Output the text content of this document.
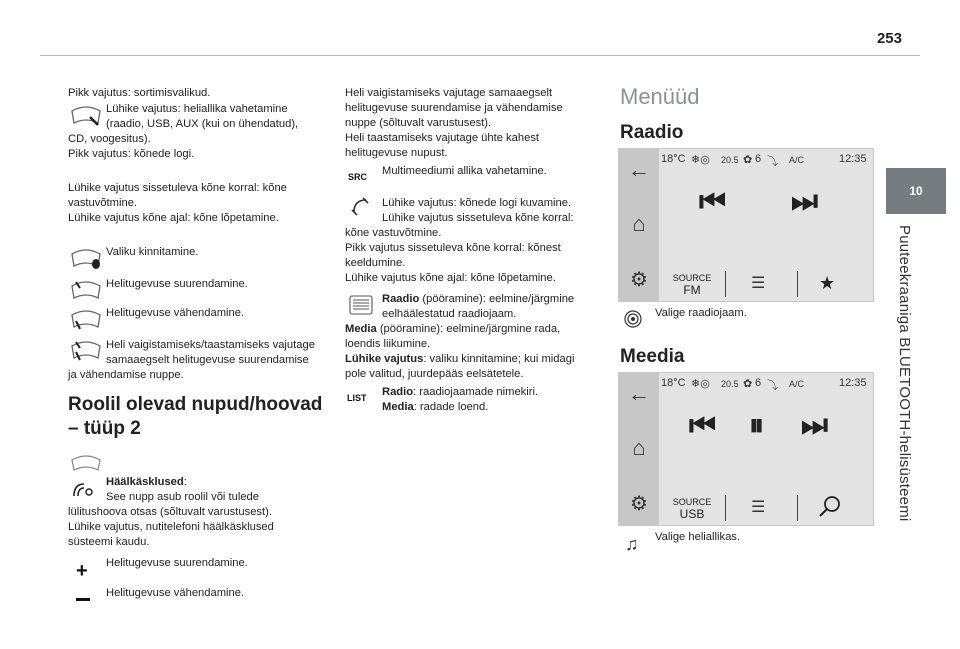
253
10
Puuteekraaniga BLUETOOTH-helisüsteemi
Pikk vajutus: sortimisvalikud.
Lühike vajutus: heliallika vahetamine
(raadio, USB, AUX (kui on ühendatud),
CD, voogesitus).
Pikk vajutus: kõnede logi.
Lühike vajutus sissetuleva kõne korral: kõne
vastuvõtmine.
Lühike vajutus kõne ajal: kõne lõpetamine.
Valiku kinnitamine.
Helitugevuse suurendamine.
Helitugevuse vähendamine.
Heli vaigistamiseks/taastamiseks vajutage
samaaegselt helitugevuse suurendamise
ja vähendamise nuppe.
Roolil olevad nupud/hoovad
– tüüp 2
Häälkäsklused:
See nupp asub roolil või tulede
lülitushoova otsas (sõltuvalt varustusest).
Lühike vajutus, nutitelefoni häälkäsklused
süsteemi kaudu.
+ Helitugevuse suurendamine.
Helitugevuse vähendamine.
Heli vaigistamiseks vajutage samaaegselt
helitugevuse suurendamise ja vähendamise
nuppe (sõltuvalt varustusest).
Heli taastamiseks vajutage ühte kahest
helitugevuse nupust.
SRC Multimeediumi allika vahetamine.
Lühike vajutus: kõnede logi kuvamine.
Lühike vajutus sissetuleva kõne korral:
kõne vastuvõtmine.
Pikk vajutus sissetuleva kõne korral: kõnest
keeldumine.
Lühike vajutus kõne ajal: kõne lõpetamine.
Raadio (pööramine): eelmine/järgmine
eelhäälestatud raadiojaam.
Media (pööramine): eelmine/järgmine rada,
loendis liikumine.
Lühike vajutus: valiku kinnitamine; kui midagi
pole valitud, juurdepääs eelsätetele.
LIST Radio: raadiojaamade nimekiri.
Media: radade loend.
Menüüd
Raadio
←
⌂
⚙
18°C ❄◎ 20.5 ✿ 6 ⤵ A/C	12:35
⏮ ⏭
SOURCE
FM	☰	★
Valige raadiojaam.
Meedia
←
⌂
⚙
18°C ❄◎ 20.5 ✿ 6 ⤵ A/C	12:35
⏮ ⏸ ⏭
SOURCE
USB	☰
♫ Valige heliallikas.
